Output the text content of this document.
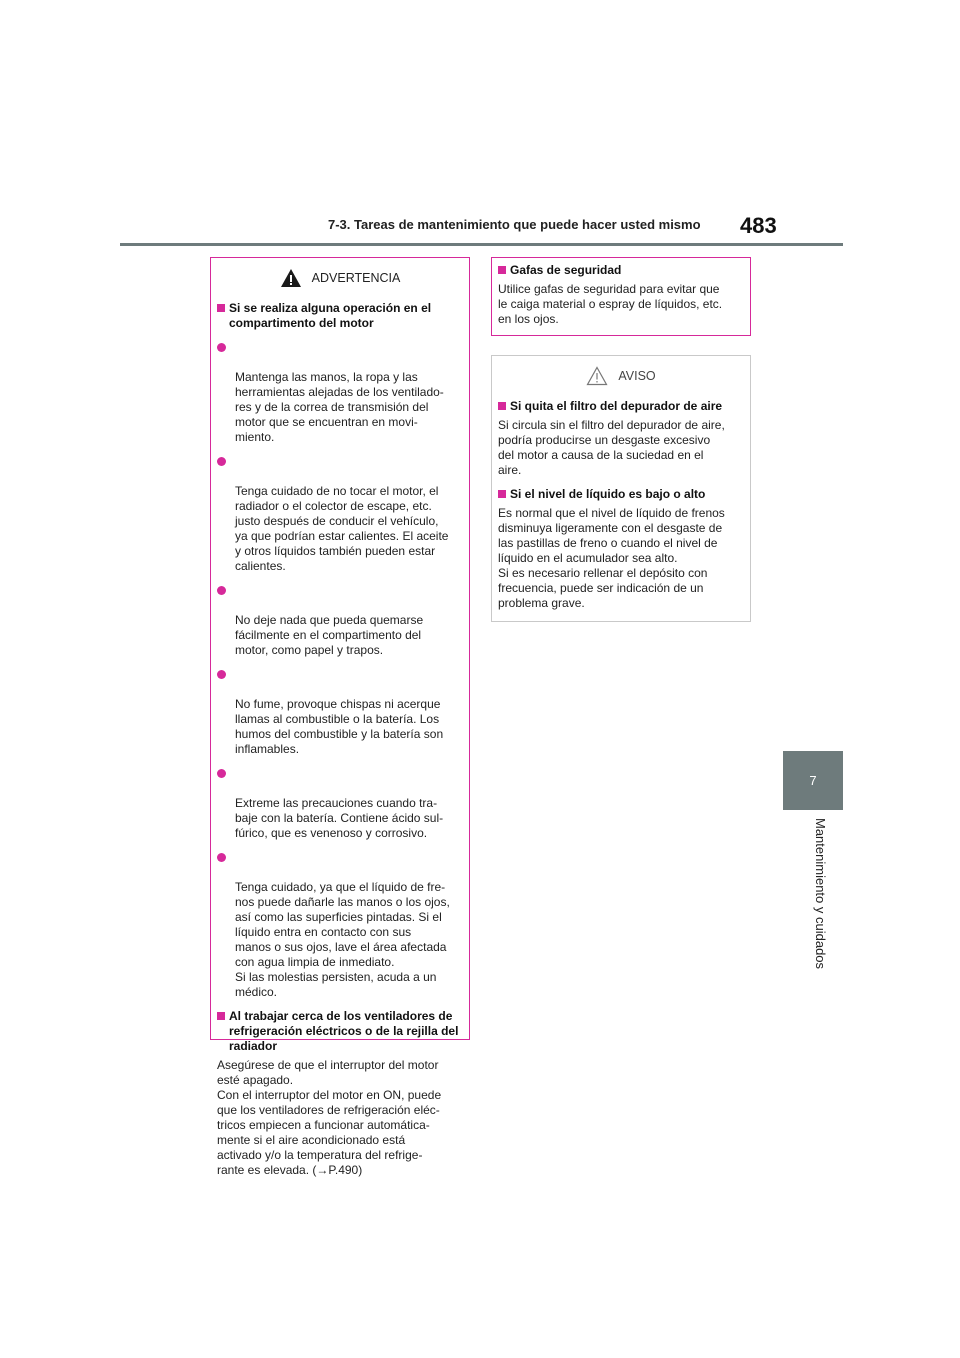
7-3. Tareas de mantenimiento que puede hacer usted mismo 483
7
Mantenimiento y cuidados
ADVERTENCIA
Si se realiza alguna operación en el compartimento del motor

Mantenga las manos, la ropa y las
herramientas alejadas de los ventilado-
res y de la correa de transmisión del
motor que se encuentran en movi-
miento.

Tenga cuidado de no tocar el motor, el
radiador o el colector de escape, etc.
justo después de conducir el vehículo,
ya que podrían estar calientes. El aceite
y otros líquidos también pueden estar
calientes.

No deje nada que pueda quemarse
fácilmente en el compartimento del
motor, como papel y trapos.

No fume, provoque chispas ni acerque
llamas al combustible o la batería. Los
humos del combustible y la batería son
inflamables.

Extreme las precauciones cuando tra-
baje con la batería. Contiene ácido sul-
fúrico, que es venenoso y corrosivo.

Tenga cuidado, ya que el líquido de fre-
nos puede dañarle las manos o los ojos,
así como las superficies pintadas. Si el
líquido entra en contacto con sus
manos o sus ojos, lave el área afectada
con agua limpia de inmediato.
Si las molestias persisten, acuda a un
médico.

Al trabajar cerca de los ventiladores de refrigeración eléctricos o de la rejilla del radiador
Asegúrese de que el interruptor del motor
esté apagado.
Con el interruptor del motor en ON, puede
que los ventiladores de refrigeración eléc-
tricos empiecen a funcionar automática-
mente si el aire acondicionado está
activado y/o la temperatura del refrige-
rante es elevada. (→P.490)
Gafas de seguridad
Utilice gafas de seguridad para evitar que
le caiga material o espray de líquidos, etc.
en los ojos.
AVISO
Si quita el filtro del depurador de aire
Si circula sin el filtro del depurador de aire,
podría producirse un desgaste excesivo
del motor a causa de la suciedad en el
aire.
Si el nivel de líquido es bajo o alto
Es normal que el nivel de líquido de frenos
disminuya ligeramente con el desgaste de
las pastillas de freno o cuando el nivel de
líquido en el acumulador sea alto.
Si es necesario rellenar el depósito con
frecuencia, puede ser indicación de un
problema grave.
